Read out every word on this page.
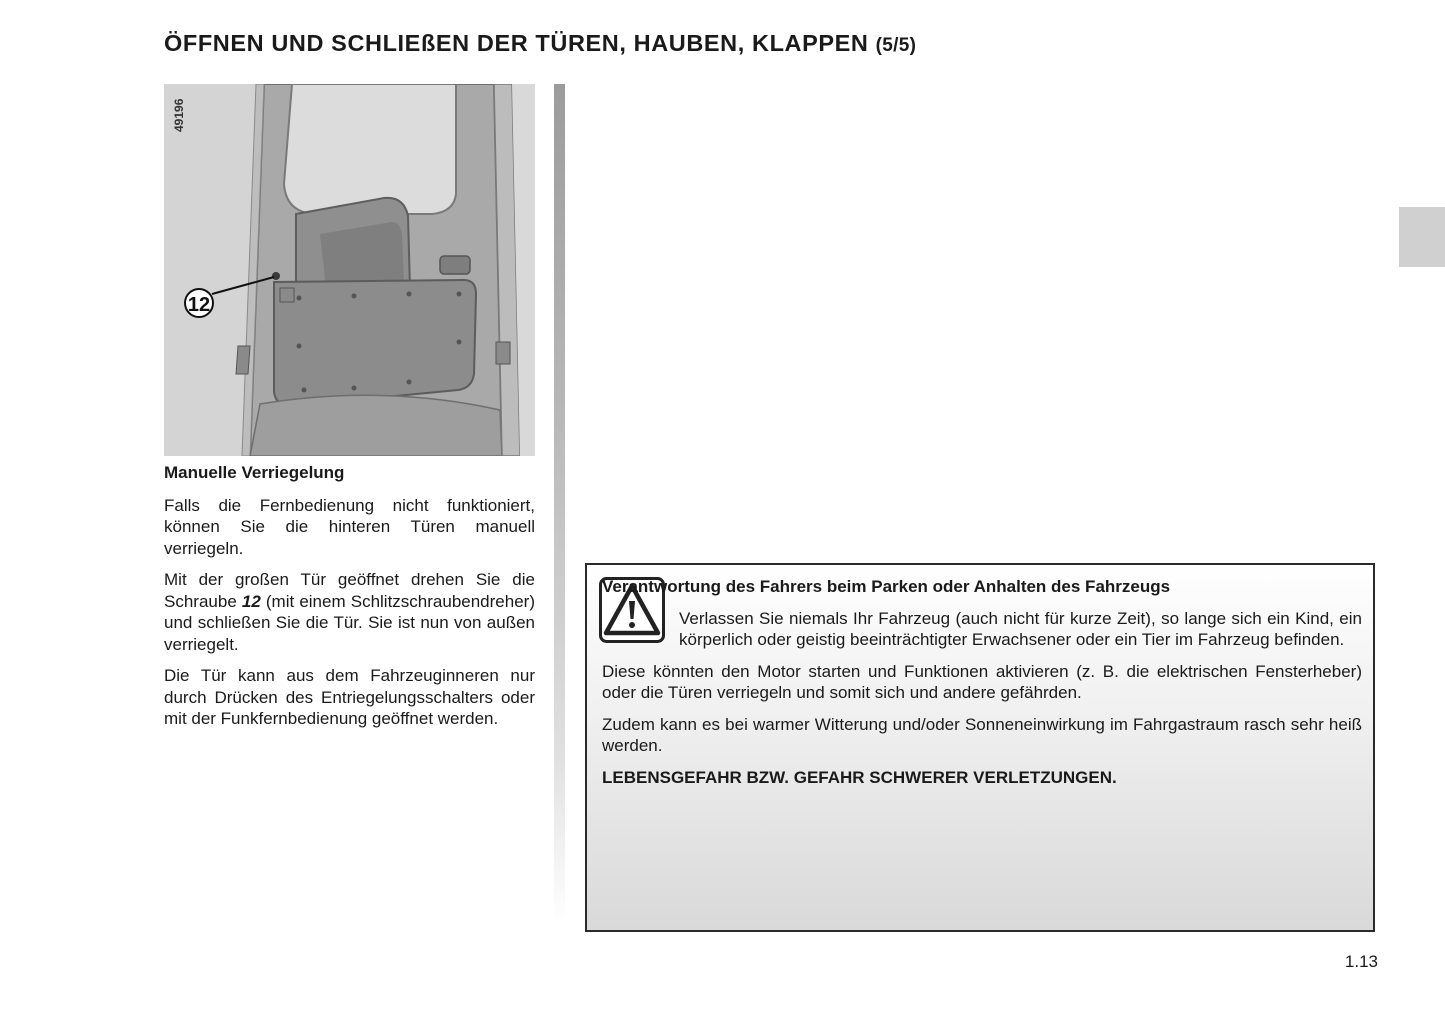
ÖFFNEN UND SCHLIEßEN DER TÜREN, HAUBEN, KLAPPEN (5/5)
12
49196
Manuelle Verriegelung

Falls die Fernbedienung nicht funktioniert, können Sie die hinteren Türen manuell verriegeln.

Mit der großen Tür geöffnet drehen Sie die Schraube 12 (mit einem Schlitzschraubendreher) und schließen Sie die Tür. Sie ist nun von außen verriegelt.

Die Tür kann aus dem Fahrzeuginneren nur durch Drücken des Entriegelungsschalters oder mit der Funkfernbedienung geöffnet werden.

Verantwortung des Fahrers beim Parken oder Anhalten des Fahrzeugs

Verlassen Sie niemals Ihr Fahrzeug (auch nicht für kurze Zeit), so lange sich ein Kind, ein körperlich oder geistig beeinträchtigter Erwachsener oder ein Tier im Fahrzeug befinden.

Diese könnten den Motor starten und Funktionen aktivieren (z. B. die elektrischen Fensterheber) oder die Türen verriegeln und somit sich und andere gefährden.

Zudem kann es bei warmer Witterung und/oder Sonneneinwirkung im Fahrgastraum rasch sehr heiß werden.

LEBENSGEFAHR BZW. GEFAHR SCHWERER VERLETZUNGEN.

1.13
